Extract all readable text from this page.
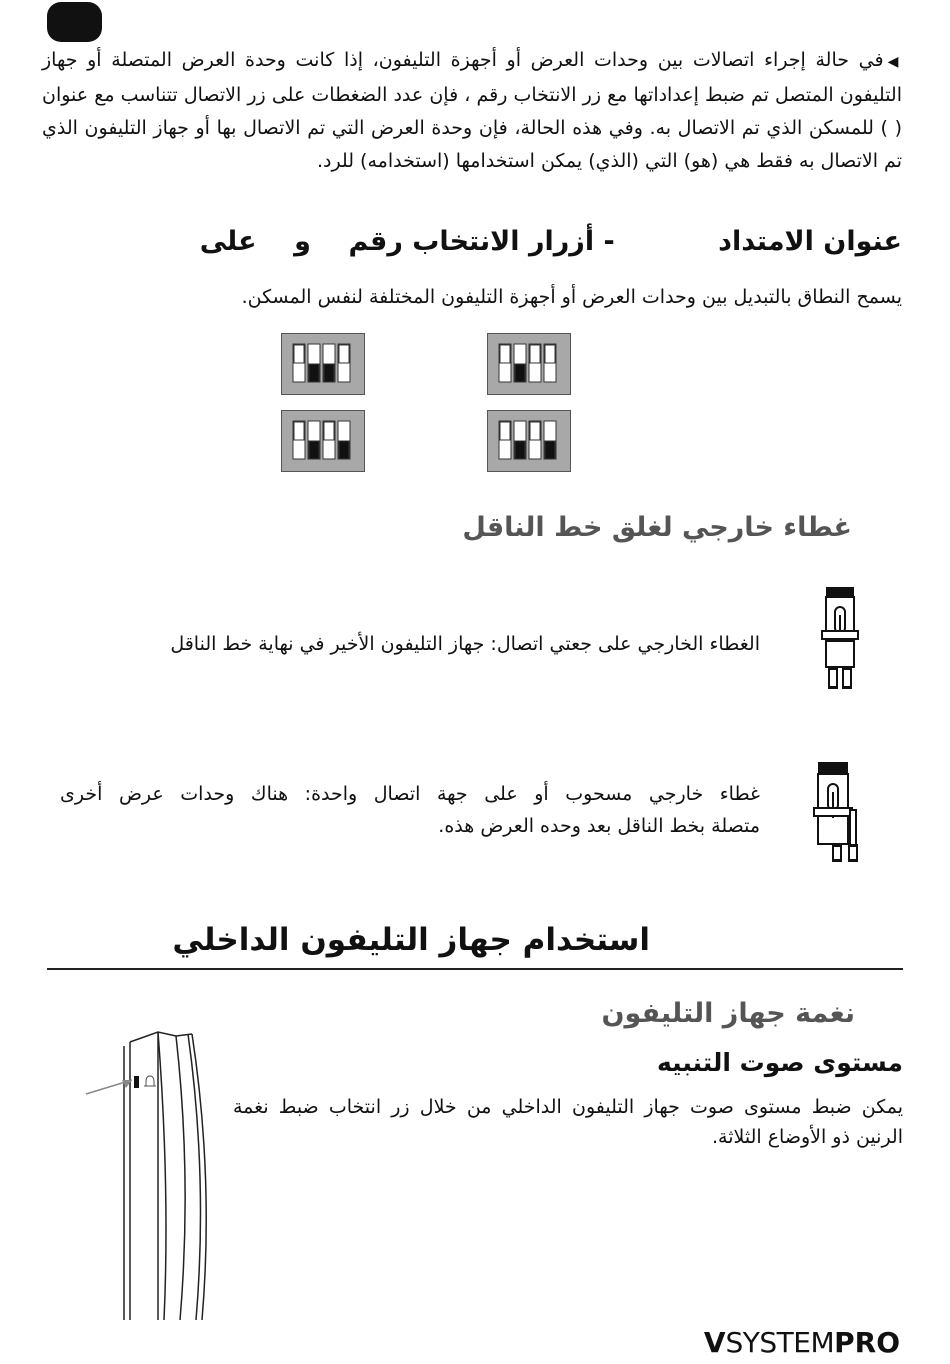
◀في حالة إجراء اتصالات بين وحدات العرض أو أجهزة التليفون، إذا كانت وحدة العرض المتصلة أو جهاز التليفون المتصل تم ضبط إعداداتها مع زر الانتخاب رقم ، فإن عدد الضغطات على زر الاتصال تتناسب مع عنوان ( ) للمسكن الذي تم الاتصال به. وفي هذه الحالة، فإن وحدة العرض التي تم الاتصال بها أو جهاز التليفون الذي تم الاتصال به فقط هي (هو) التي (الذي) يمكن استخدامها (استخدامه) للرد.
عنوان الامتداد           - أزرار الانتخاب رقم    و    على
يسمح النطاق بالتبديل بين وحدات العرض أو أجهزة التليفون المختلفة لنفس المسكن.
غطاء خارجي لغلق خط الناقل
الغطاء الخارجي على جعتي اتصال: جهاز التليفون الأخير في نهاية خط الناقل
غطاء خارجي مسحوب أو على جهة اتصال واحدة: هناك وحدات عرض أخرى
متصلة بخط الناقل بعد وحده العرض هذه.
استخدام جهاز التليفون الداخلي
نغمة جهاز التليفون
مستوى صوت التنبيه
يمكن ضبط مستوى صوت جهاز التليفون الداخلي من خلال زر انتخاب ضبط نغمة الرنين ذو الأوضاع الثلاثة.
VSYSTEMPRO
